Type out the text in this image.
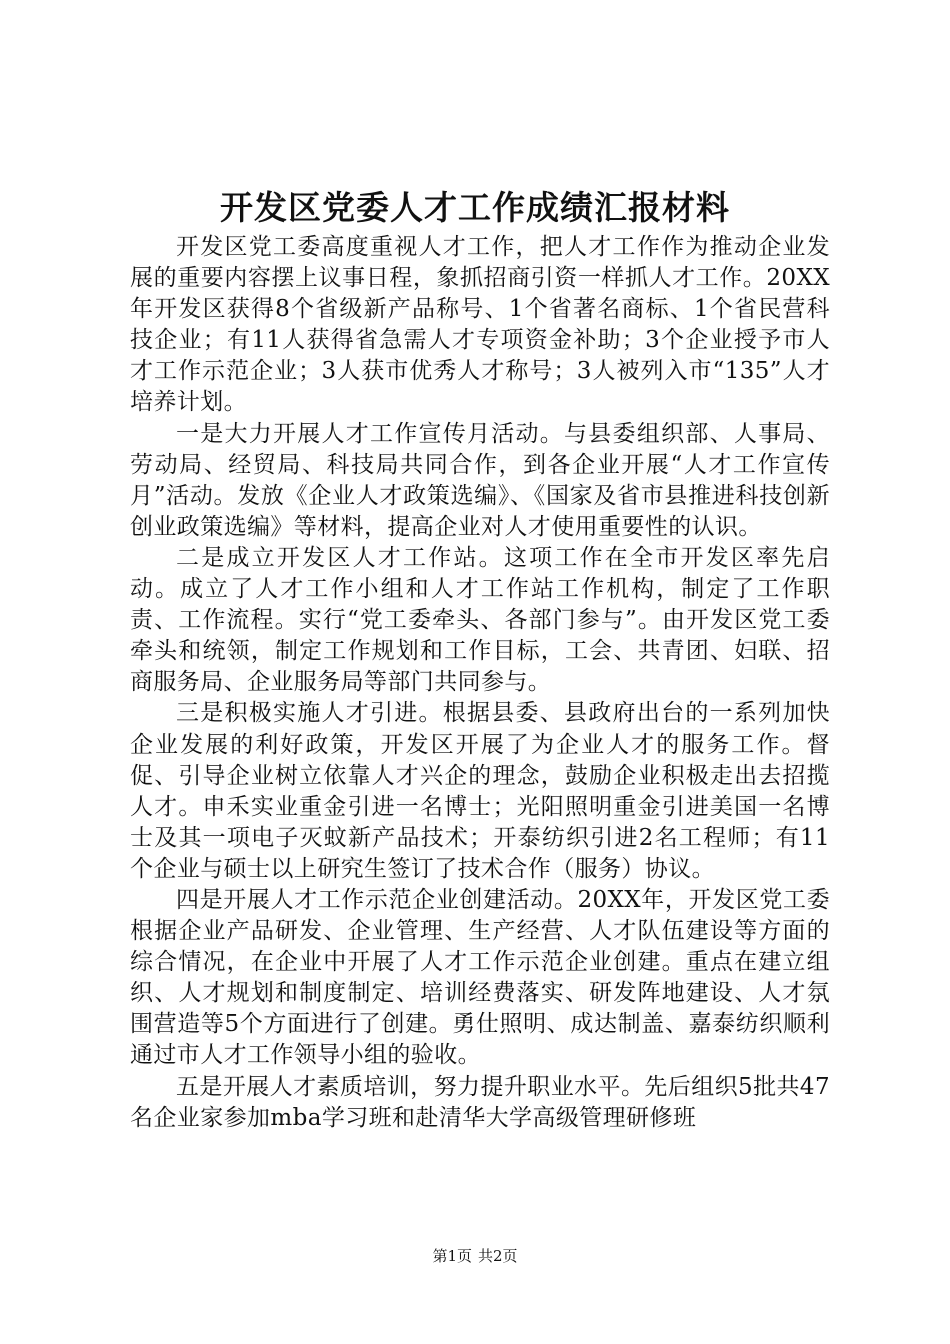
开发区党委人才工作成绩汇报材料

开发区党工委高度重视人才工作，把人才工作作为推动企业发展的重要内容摆上议事日程，象抓招商引资一样抓人才工作。20XX年开发区获得8个省级新产品称号、1个省著名商标、1个省民营科技企业；有11人获得省急需人才专项资金补助；3个企业授予市人才工作示范企业；3人获市优秀人才称号；3人被列入市“135”人才培养计划。

一是大力开展人才工作宣传月活动。与县委组织部、人事局、劳动局、经贸局、科技局共同合作，到各企业开展“人才工作宣传月”活动。发放《企业人才政策选编》、《国家及省市县推进科技创新创业政策选编》等材料，提高企业对人才使用重要性的认识。

二是成立开发区人才工作站。这项工作在全市开发区率先启动。成立了人才工作小组和人才工作站工作机构，制定了工作职责、工作流程。实行“党工委牵头、各部门参与”。由开发区党工委牵头和统领，制定工作规划和工作目标，工会、共青团、妇联、招商服务局、企业服务局等部门共同参与。

三是积极实施人才引进。根据县委、县政府出台的一系列加快企业发展的利好政策，开发区开展了为企业人才的服务工作。督促、引导企业树立依靠人才兴企的理念，鼓励企业积极走出去招揽人才。申禾实业重金引进一名博士；光阳照明重金引进美国一名博士及其一项电子灭蚊新产品技术；开泰纺织引进2名工程师；有11个企业与硕士以上研究生签订了技术合作（服务）协议。

四是开展人才工作示范企业创建活动。20XX年，开发区党工委根据企业产品研发、企业管理、生产经营、人才队伍建设等方面的综合情况，在企业中开展了人才工作示范企业创建。重点在建立组织、人才规划和制度制定、培训经费落实、研发阵地建设、人才氛围营造等5个方面进行了创建。勇仕照明、成达制盖、嘉泰纺织顺利通过市人才工作领导小组的验收。

五是开展人才素质培训，努力提升职业水平。先后组织5批共47名企业家参加mba学习班和赴清华大学高级管理研修班

第1页 共2页
